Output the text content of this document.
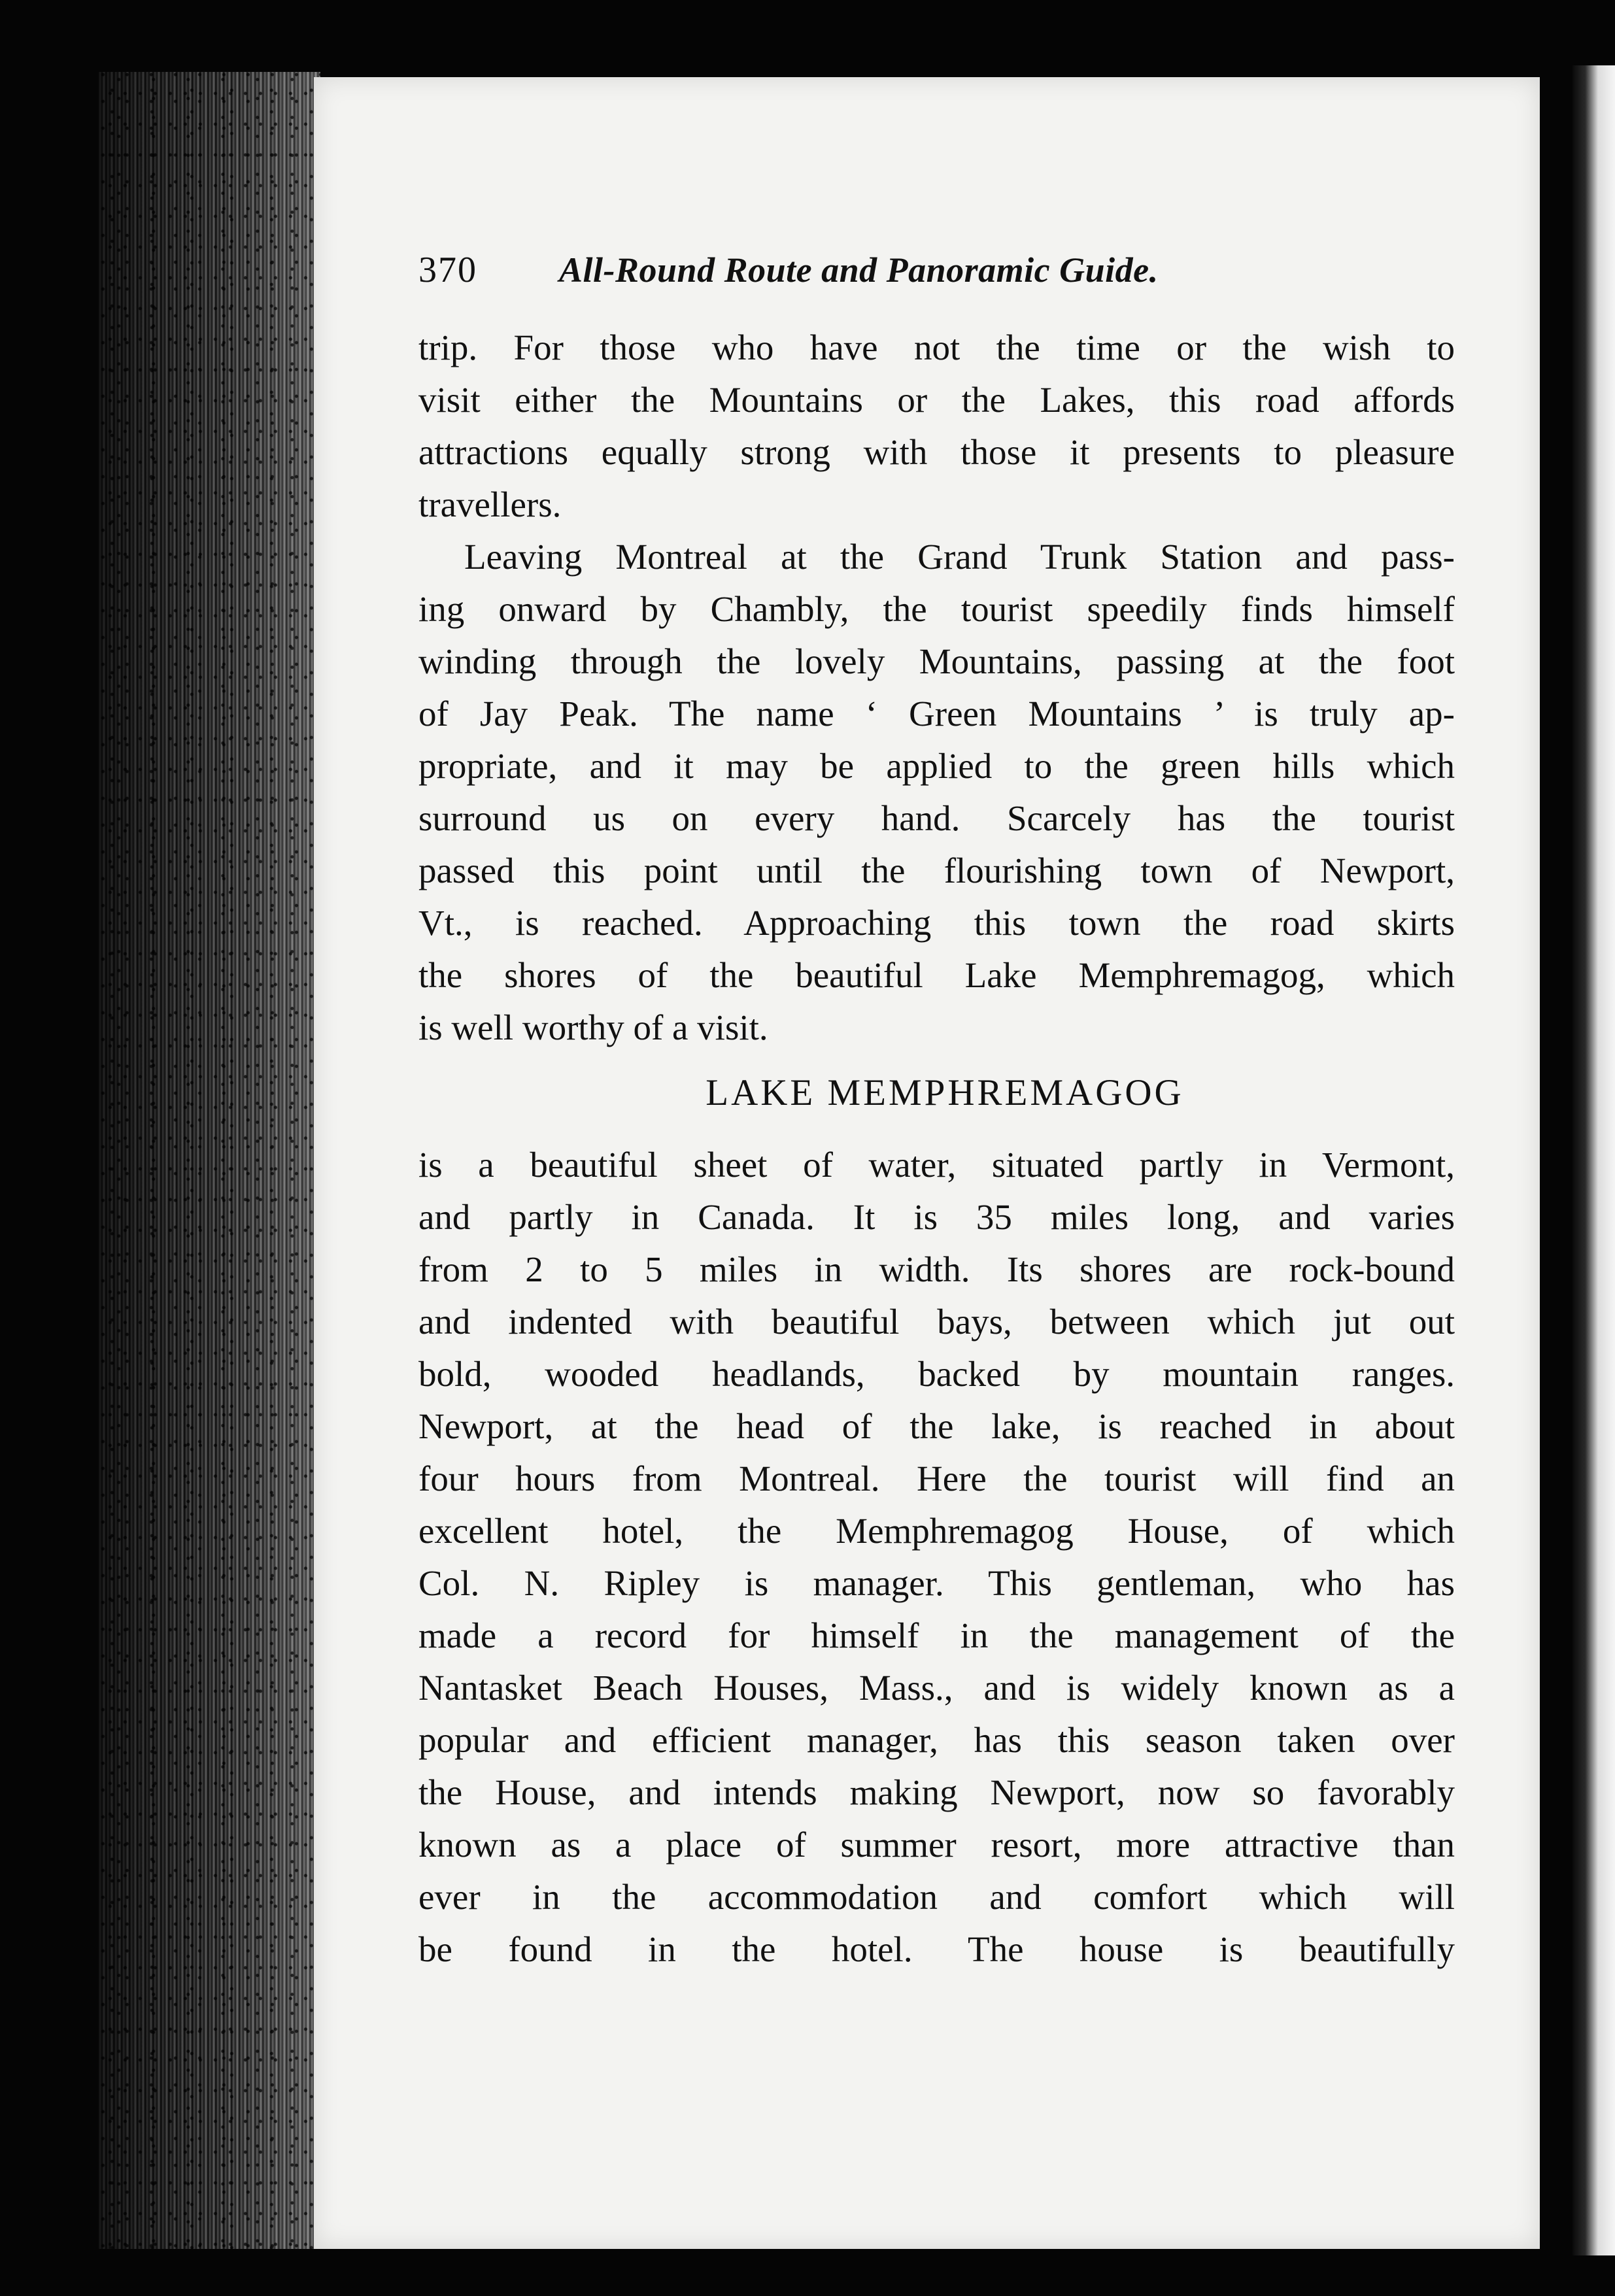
370 All-Round Route and Panoramic Guide.
trip. For those who have not the time or the wish to
visit either the Mountains or the Lakes, this road affords
attractions equally strong with those it presents to pleasure
travellers.
Leaving Montreal at the Grand Trunk Station and pass-
ing onward by Chambly, the tourist speedily finds himself
winding through the lovely Mountains, passing at the foot
of Jay Peak. The name ‘ Green Mountains ’ is truly ap-
propriate, and it may be applied to the green hills which
surround us on every hand. Scarcely has the tourist
passed this point until the flourishing town of Newport,
Vt., is reached. Approaching this town the road skirts
the shores of the beautiful Lake Memphremagog, which
is well worthy of a visit.
LAKE MEMPHREMAGOG
is a beautiful sheet of water, situated partly in Vermont,
and partly in Canada. It is 35 miles long, and varies
from 2 to 5 miles in width. Its shores are rock-bound
and indented with beautiful bays, between which jut out
bold, wooded headlands, backed by mountain ranges.
Newport, at the head of the lake, is reached in about
four hours from Montreal. Here the tourist will find an
excellent hotel, the Memphremagog House, of which
Col. N. Ripley is manager. This gentleman, who has
made a record for himself in the management of the
Nantasket Beach Houses, Mass., and is widely known as a
popular and efficient manager, has this season taken over
the House, and intends making Newport, now so favorably
known as a place of summer resort, more attractive than
ever in the accommodation and comfort which will
be found in the hotel. The house is beautifully
